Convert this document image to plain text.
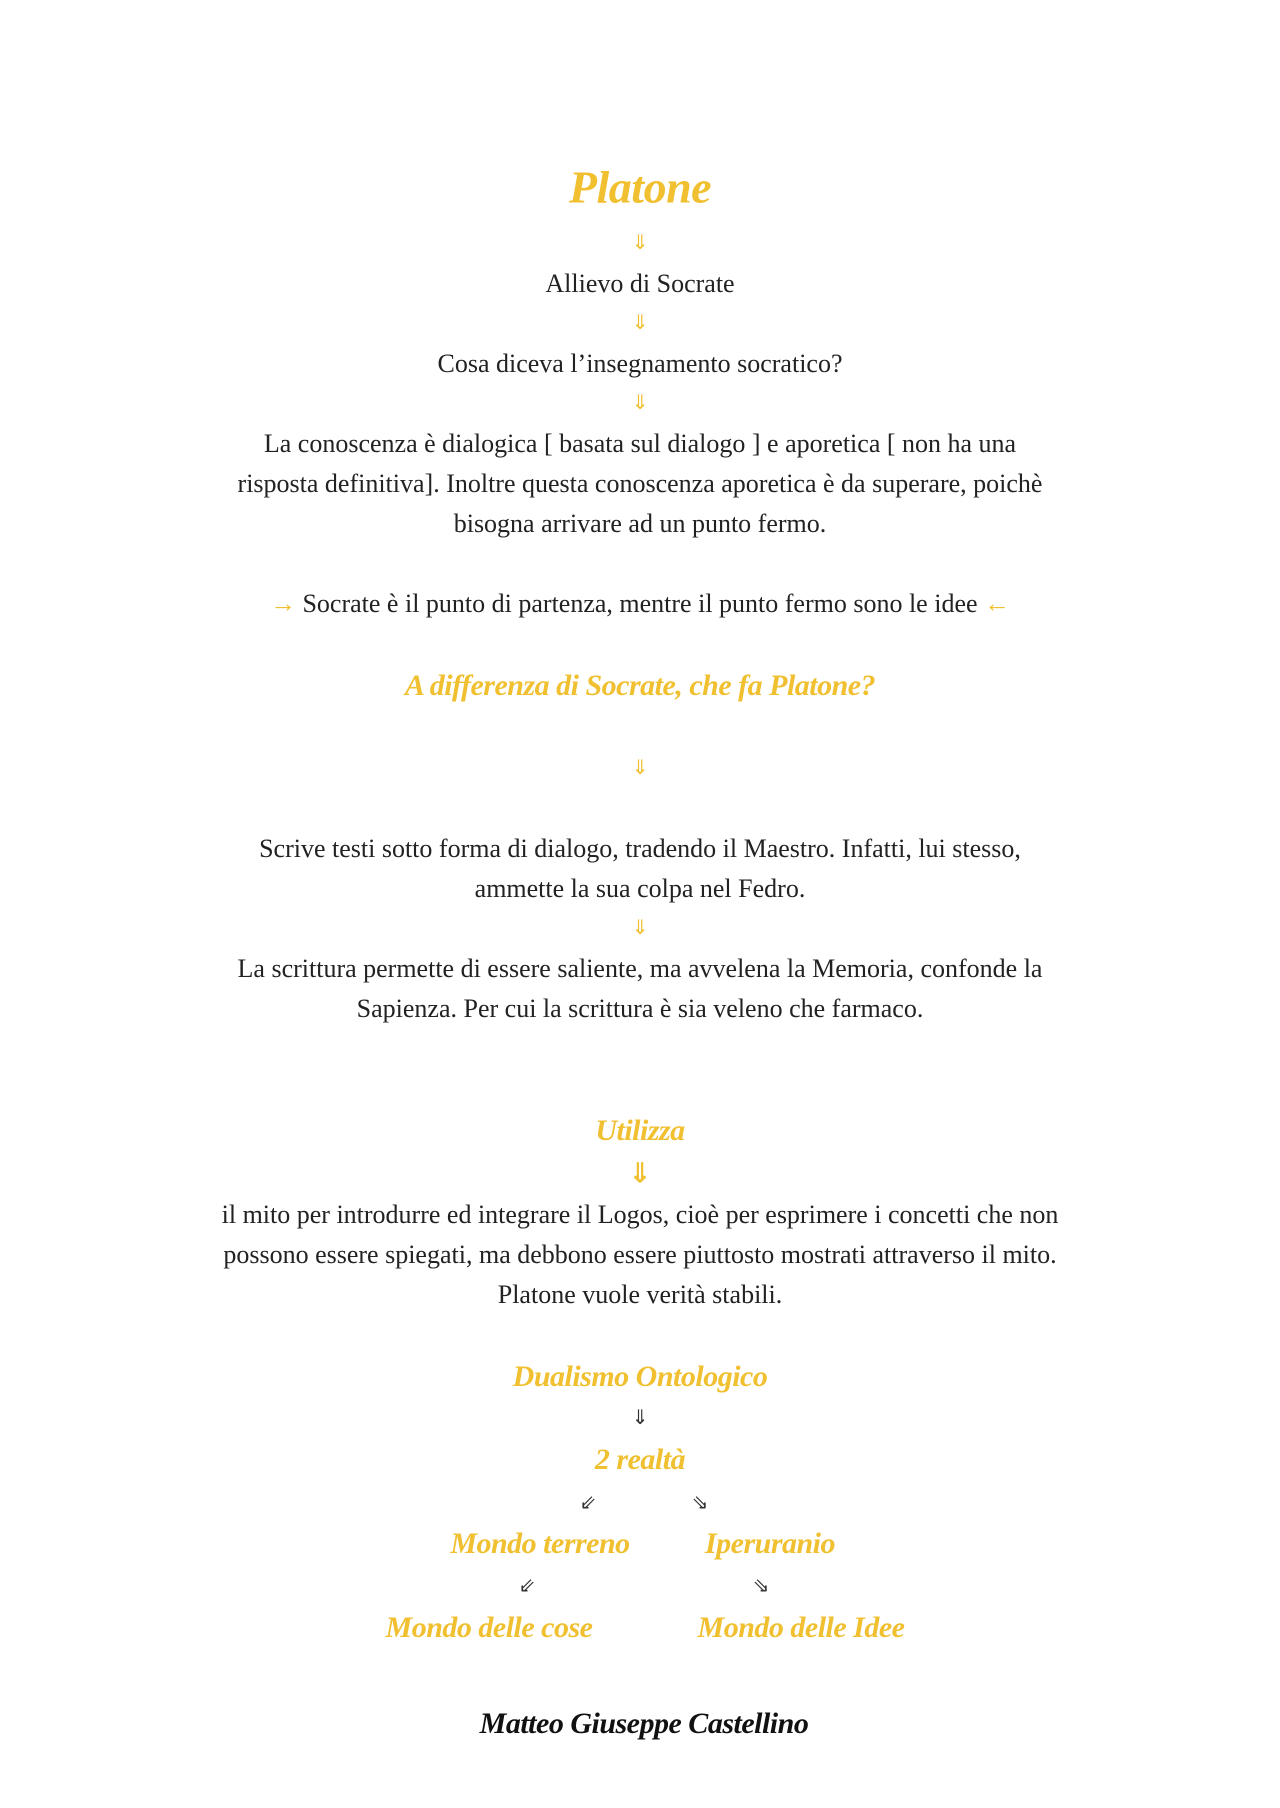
Platone
⇓
Allievo di Socrate
⇓
Cosa diceva l’insegnamento socratico?
⇓
La conoscenza è dialogica [ basata sul dialogo ] e aporetica [ non ha una
risposta definitiva]. Inoltre questa conoscenza aporetica è da superare, poichè
bisogna arrivare ad un punto fermo.
→ Socrate è il punto di partenza, mentre il punto fermo sono le idee ←
A differenza di Socrate, che fa Platone?
⇓
Scrive testi sotto forma di dialogo, tradendo il Maestro. Infatti, lui stesso,
ammette la sua colpa nel Fedro.
⇓
La scrittura permette di essere saliente, ma avvelena la Memoria, confonde la
Sapienza. Per cui la scrittura è sia veleno che farmaco.
Utilizza
⇓
il mito per introdurre ed integrare il Logos, cioè per esprimere i concetti che non
possono essere spiegati, ma debbono essere piuttosto mostrati attraverso il mito.
Platone vuole verità stabili.
Dualismo Ontologico
⇓
2 realtà
⇙	⇘
Mondo terreno	Iperuranio
⇙	⇘
Mondo delle cose	Mondo delle Idee
Matteo Giuseppe Castellino
